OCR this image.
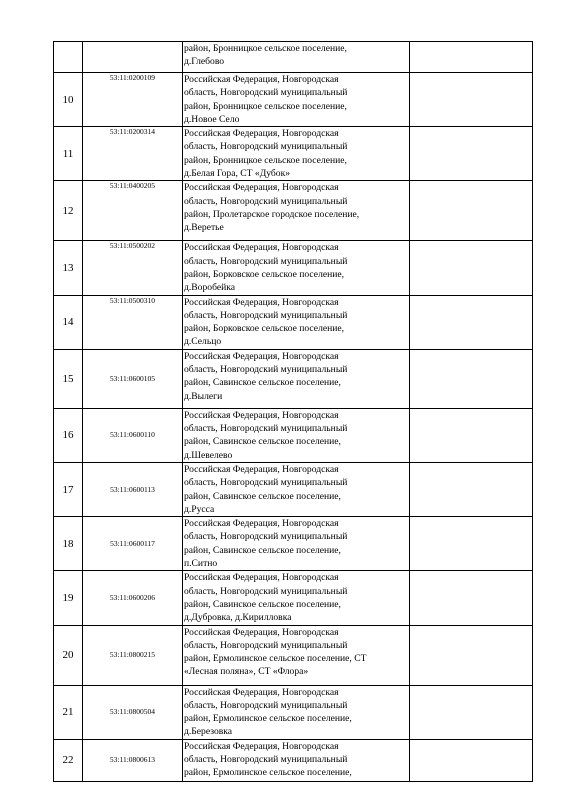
		район, Бронницкое сельское поселение,
д.Глебово	

10	53:11:0200109	Российская Федерация, Новгородская
область, Новгородский муниципальный
район, Бронницкое сельское поселение,
д.Новое Село	

11	53:11:0200314	Российская Федерация, Новгородская
область, Новгородский муниципальный
район, Бронницкое сельское поселение,
д.Белая Гора, СТ «Дубок»	

12	53:11:0400205	Российская Федерация, Новгородская
область, Новгородский муниципальный
район, Пролетарское городское поселение,
д.Веретье	

13	53:11:0500202	Российская Федерация, Новгородская
область, Новгородский муниципальный
район, Борковское сельское поселение,
д.Воробейка	

14	53:11:0500310	Российская Федерация, Новгородская
область, Новгородский муниципальный
район, Борковское сельское поселение,
д.Сельцо	

15	53:11:0600105	Российская Федерация, Новгородская
область, Новгородский муниципальный
район, Савинское сельское поселение,
д.Вылеги	

16	53:11:0600110	Российская Федерация, Новгородская
область, Новгородский муниципальный
район, Савинское сельское поселение,
д.Шевелево	

17	53:11:0600113	Российская Федерация, Новгородская
область, Новгородский муниципальный
район, Савинское сельское поселение,
д.Русса	

18	53:11:0600117	Российская Федерация, Новгородская
область, Новгородский муниципальный
район, Савинское сельское поселение,
п.Ситно	

19	53:11:0600206	Российская Федерация, Новгородская
область, Новгородский муниципальный
район, Савинское сельское поселение,
д.Дубровка, д.Кирилловка	

20	53:11:0800215	Российская Федерация, Новгородская
область, Новгородский муниципальный
район, Ермолинское сельское поселение, СТ
«Лесная поляна», СТ «Флора»	

21	53:11:0800504	Российская Федерация, Новгородская
область, Новгородский муниципальный
район, Ермолинское сельское поселение,
д.Березовка	

22	53:11:0800613	Российская Федерация, Новгородская
область, Новгородский муниципальный
район, Ермолинское сельское поселение,	
